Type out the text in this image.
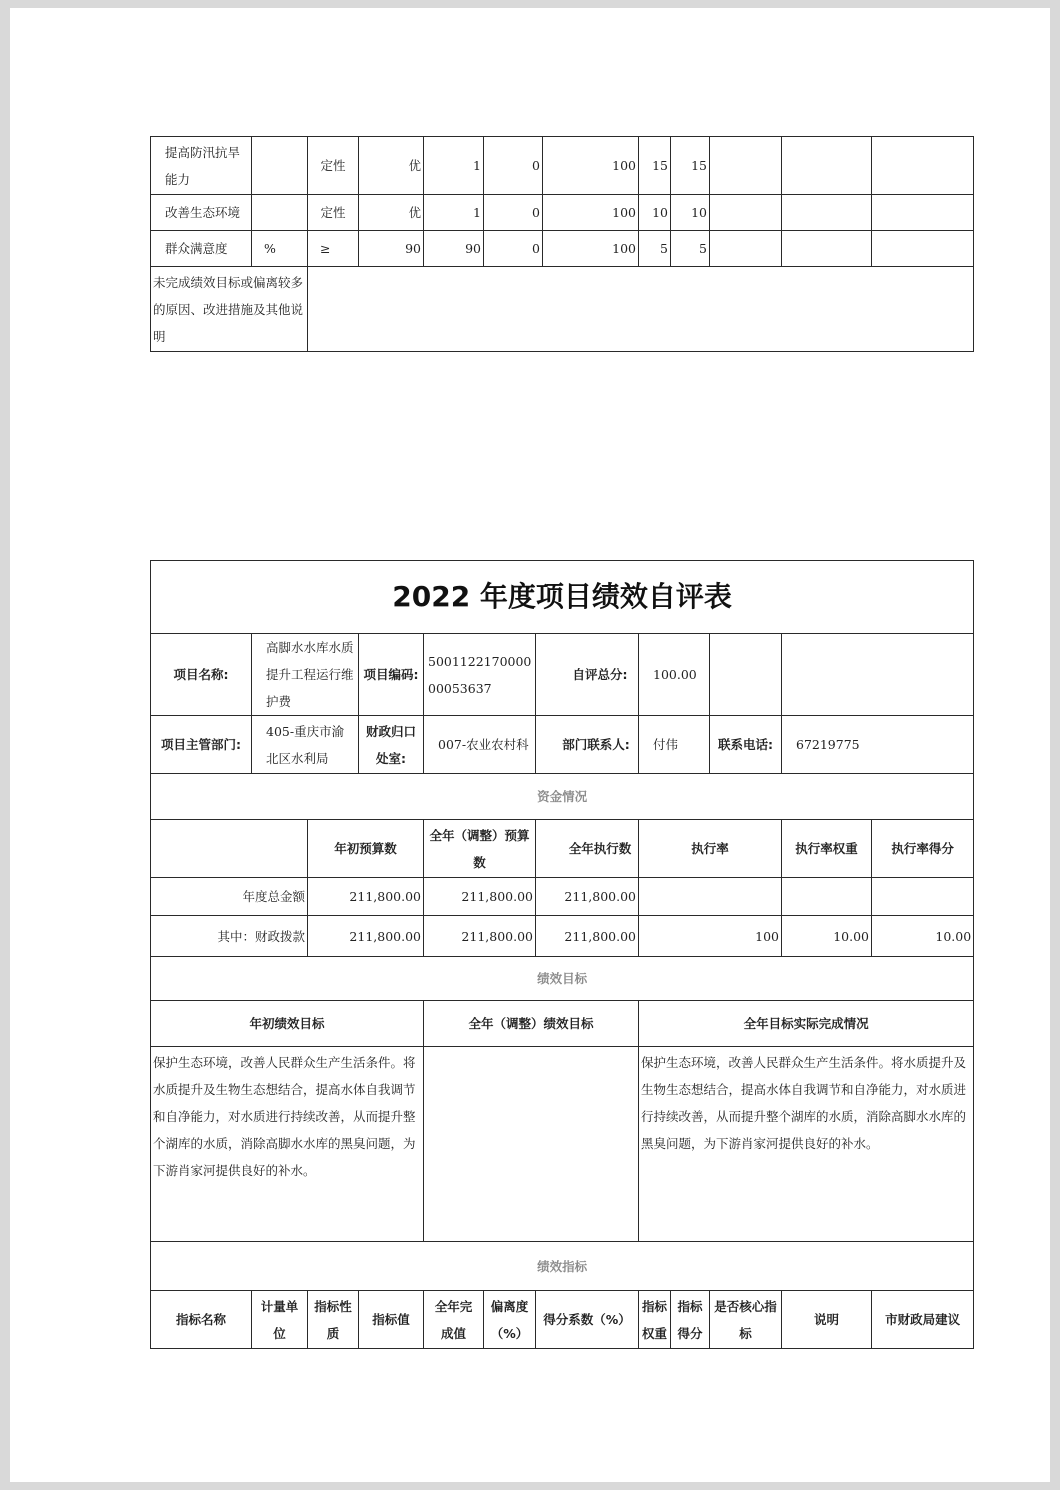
提高防汛抗旱能力		定性	优	1	0	100	15	15			
改善生态环境		定性	优	1	0	100	10	10			
群众满意度	%	≥	90	90	0	100	5	5			
未完成绩效目标或偏离较多的原因、改进措施及其他说明											
2022 年度项目绩效自评表											
项目名称:	高脚水水库水质提升工程运行维护费		项目编码:	500112217000000053637		自评总分:	100.00				
项目主管部门:	405-重庆市渝北区水利局		财政归口处室:	007-农业农村科		部门联系人:	付伟		联系电话:	67219775	
资金情况											
		年初预算数		全年（调整）预算数		全年执行数	执行率			执行率权重	执行率得分
年度总金额		211,800.00		211,800.00		211,800.00					
其中：财政拨款		211,800.00		211,800.00		211,800.00	100			10.00	10.00
绩效目标											
年初绩效目标				全年（调整）绩效目标			全年目标实际完成情况				
保护生态环境，改善人民群众生产生活条件。将水质提升及生物生态想结合，提高水体自我调节和自净能力，对水质进行持续改善，从而提升整个湖库的水质，消除高脚水水库的黑臭问题，为下游肖家河提供良好的补水。							保护生态环境，改善人民群众生产生活条件。将水质提升及生物生态想结合，提高水体自我调节和自净能力，对水质进行持续改善，从而提升整个湖库的水质，消除高脚水水库的黑臭问题，为下游肖家河提供良好的补水。				
绩效指标											
指标名称	计量单位	指标性质	指标值	全年完成值	偏离度（%）	得分系数（%）	指标权重	指标得分	是否核心指标	说明	市财政局建议
